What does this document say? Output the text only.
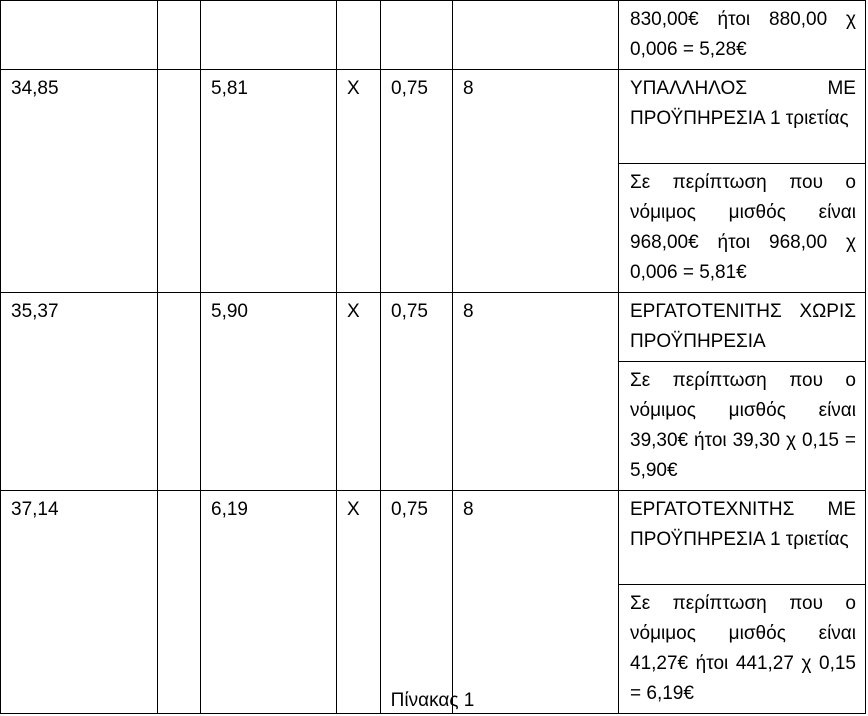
						830,00€ ήτοι 880,00 χ 0,006 = 5,28€
34,85		5,81	Χ	0,75	8	ΥΠΑΛΛΗΛΟΣ ΜΕ ΠΡΟΫΠΗΡΕΣΙΑ 1 τριετίας
						Σε περίπτωση που ο νόμιμος μισθός είναι 968,00€ ήτοι 968,00 χ 0,006 = 5,81€
35,37		5,90	Χ	0,75	8	ΕΡΓΑΤΟΤΕΝΙΤΗΣ ΧΩΡΙΣ ΠΡΟΫΠΗΡΕΣΙΑ
						Σε περίπτωση που ο νόμιμος μισθός είναι 39,30€ ήτοι 39,30 χ 0,15 = 5,90€
37,14		6,19	Χ	0,75	8	ΕΡΓΑΤΟΤΕΧΝΙΤΗΣ ΜΕ ΠΡΟΫΠΗΡΕΣΙΑ 1 τριετίας
						Σε περίπτωση που ο νόμιμος μισθός είναι 41,27€ ήτοι 441,27 χ 0,15 = 6,19€
Πίνακας 1
